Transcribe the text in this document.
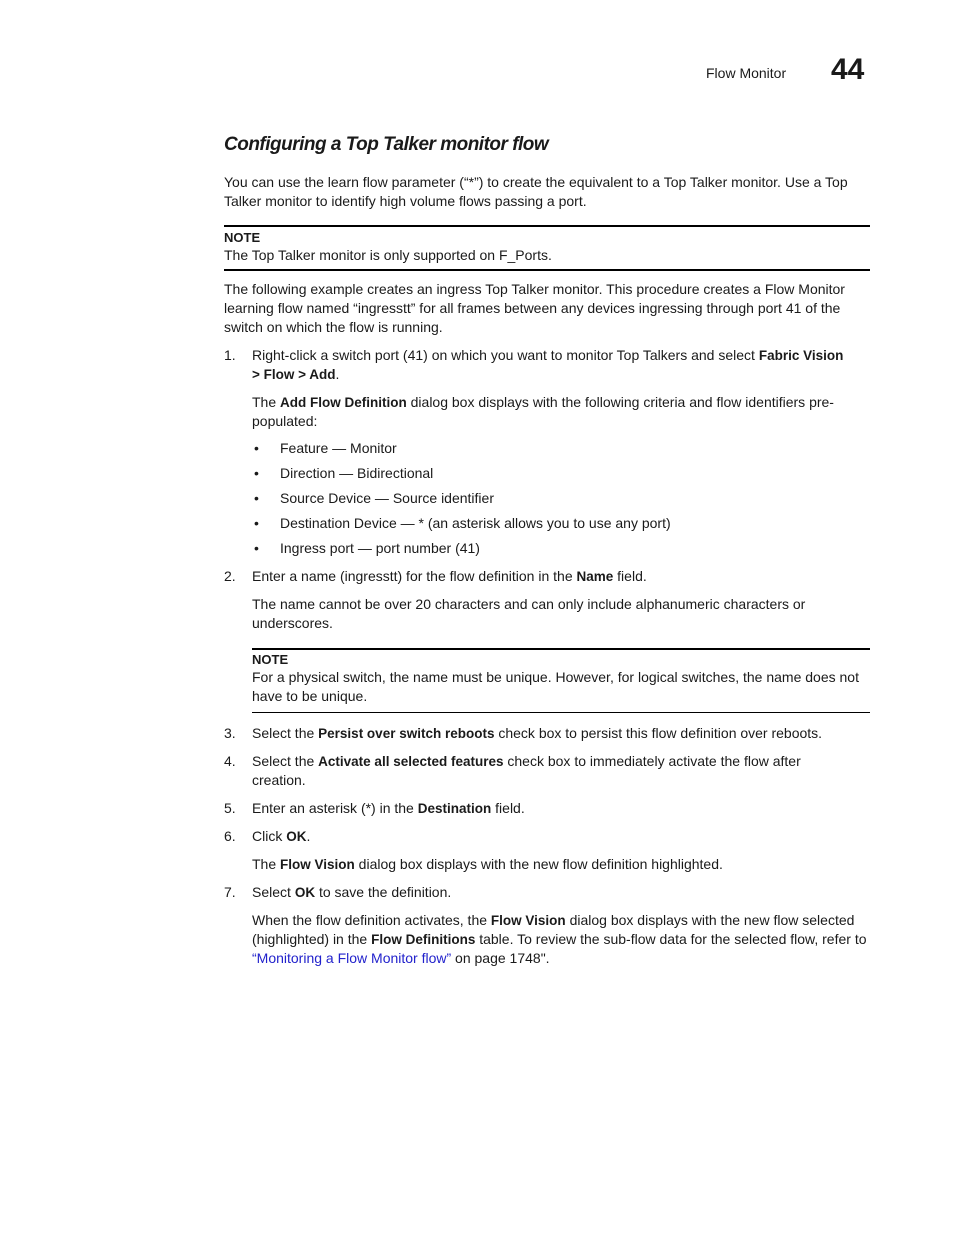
Flow Monitor 44
Configuring a Top Talker monitor flow
You can use the learn flow parameter (“*”) to create the equivalent to a Top Talker monitor. Use a Top Talker monitor to identify high volume flows passing a port.
NOTE
The Top Talker monitor is only supported on F_Ports.
The following example creates an ingress Top Talker monitor. This procedure creates a Flow Monitor learning flow named “ingresstt” for all frames between any devices ingressing through port 41 of the switch on which the flow is running.
1. Right-click a switch port (41) on which you want to monitor Top Talkers and select Fabric Vision
> Flow > Add.
The Add Flow Definition dialog box displays with the following criteria and flow identifiers pre-populated:
• Feature — Monitor
• Direction — Bidirectional
• Source Device — Source identifier
• Destination Device — * (an asterisk allows you to use any port)
• Ingress port — port number (41)
2. Enter a name (ingresstt) for the flow definition in the Name field.
The name cannot be over 20 characters and can only include alphanumeric characters or underscores.
NOTE
For a physical switch, the name must be unique. However, for logical switches, the name does not have to be unique.
3. Select the Persist over switch reboots check box to persist this flow definition over reboots.
4. Select the Activate all selected features check box to immediately activate the flow after creation.
5. Enter an asterisk (*) in the Destination field.
6. Click OK.
The Flow Vision dialog box displays with the new flow definition highlighted.
7. Select OK to save the definition.
When the flow definition activates, the Flow Vision dialog box displays with the new flow selected (highlighted) in the Flow Definitions table. To review the sub-flow data for the selected flow, refer to “Monitoring a Flow Monitor flow” on page 1748".
